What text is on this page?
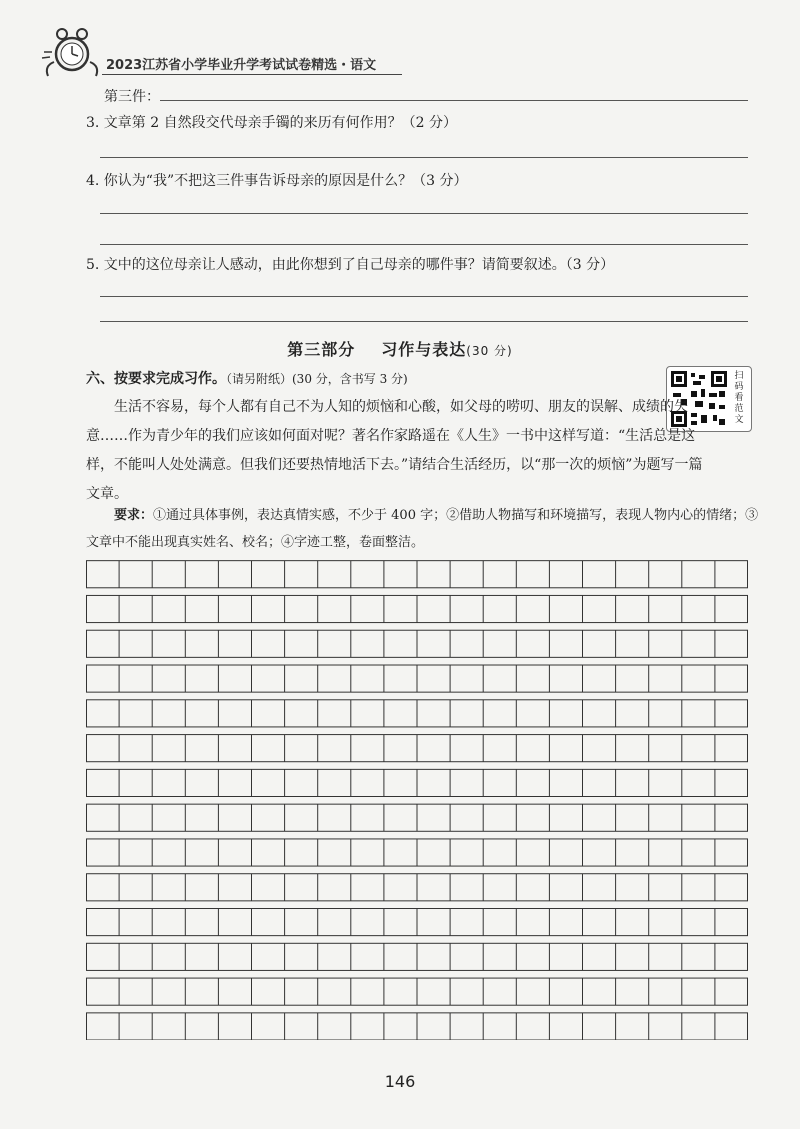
2023江苏省小学毕业升学考试试卷精选・语文
第三件：
3. 文章第 2 自然段交代母亲手镯的来历有何作用？（2 分）
4. 你认为“我”不把这三件事告诉母亲的原因是什么？（3 分）
5. 文中的这位母亲让人感动，由此你想到了自己母亲的哪件事？请简要叙述。（3 分）
第三部分 习作与表达(30 分)
六、按要求完成习作。（请另附纸）(30 分，含书写 3 分)	扫码看范文
生活不容易，每个人都有自己不为人知的烦恼和心酸，如父母的唠叨、朋友的误解、成绩的失意……作为青少年的我们应该如何面对呢？著名作家路遥在《人生》一书中这样写道：“生活总是这样，不能叫人处处满意。但我们还要热情地活下去。”请结合生活经历，以“那一次的烦恼”为题写一篇文章。
要求：①通过具体事例，表达真情实感，不少于 400 字；②借助人物描写和环境描写，表现人物内心的情绪；③文章中不能出现真实姓名、校名；④字迹工整，卷面整洁。
146
